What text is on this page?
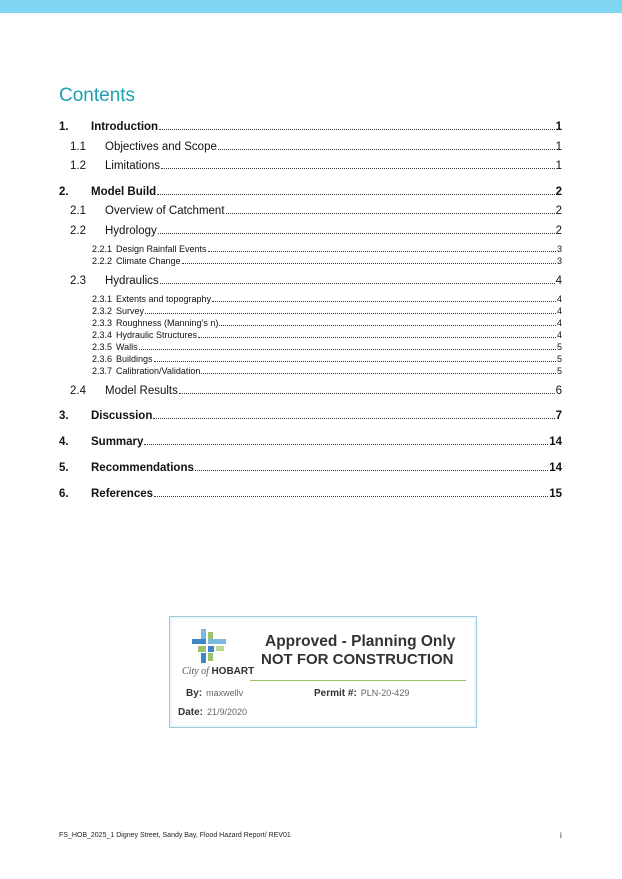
Contents
1.	Introduction	1
1.1	Objectives and Scope	1
1.2	Limitations	1
2.	Model Build	2
2.1	Overview of Catchment	2
2.2	Hydrology	2
2.2.1 Design Rainfall Events	3
2.2.2 Climate Change	3
2.3	Hydraulics	4
2.3.1 Extents and topography	4
2.3.2 Survey	4
2.3.3 Roughness (Manning’s n)	4
2.3.4 Hydraulic Structures	4
2.3.5 Walls	5
2.3.6 Buildings	5
2.3.7 Calibration/Validation	5
2.4	Model Results	6
3.	Discussion	7
4.	Summary	14
5.	Recommendations	14
6.	References	15
City of HOBART
Approved - Planning Only
NOT FOR CONSTRUCTION
By: maxwellv	Permit #: PLN-20-429
Date: 21/9/2020
FS_HOB_2025_1 Digney Street, Sandy Bay, Flood Hazard Report/ REV01	i
